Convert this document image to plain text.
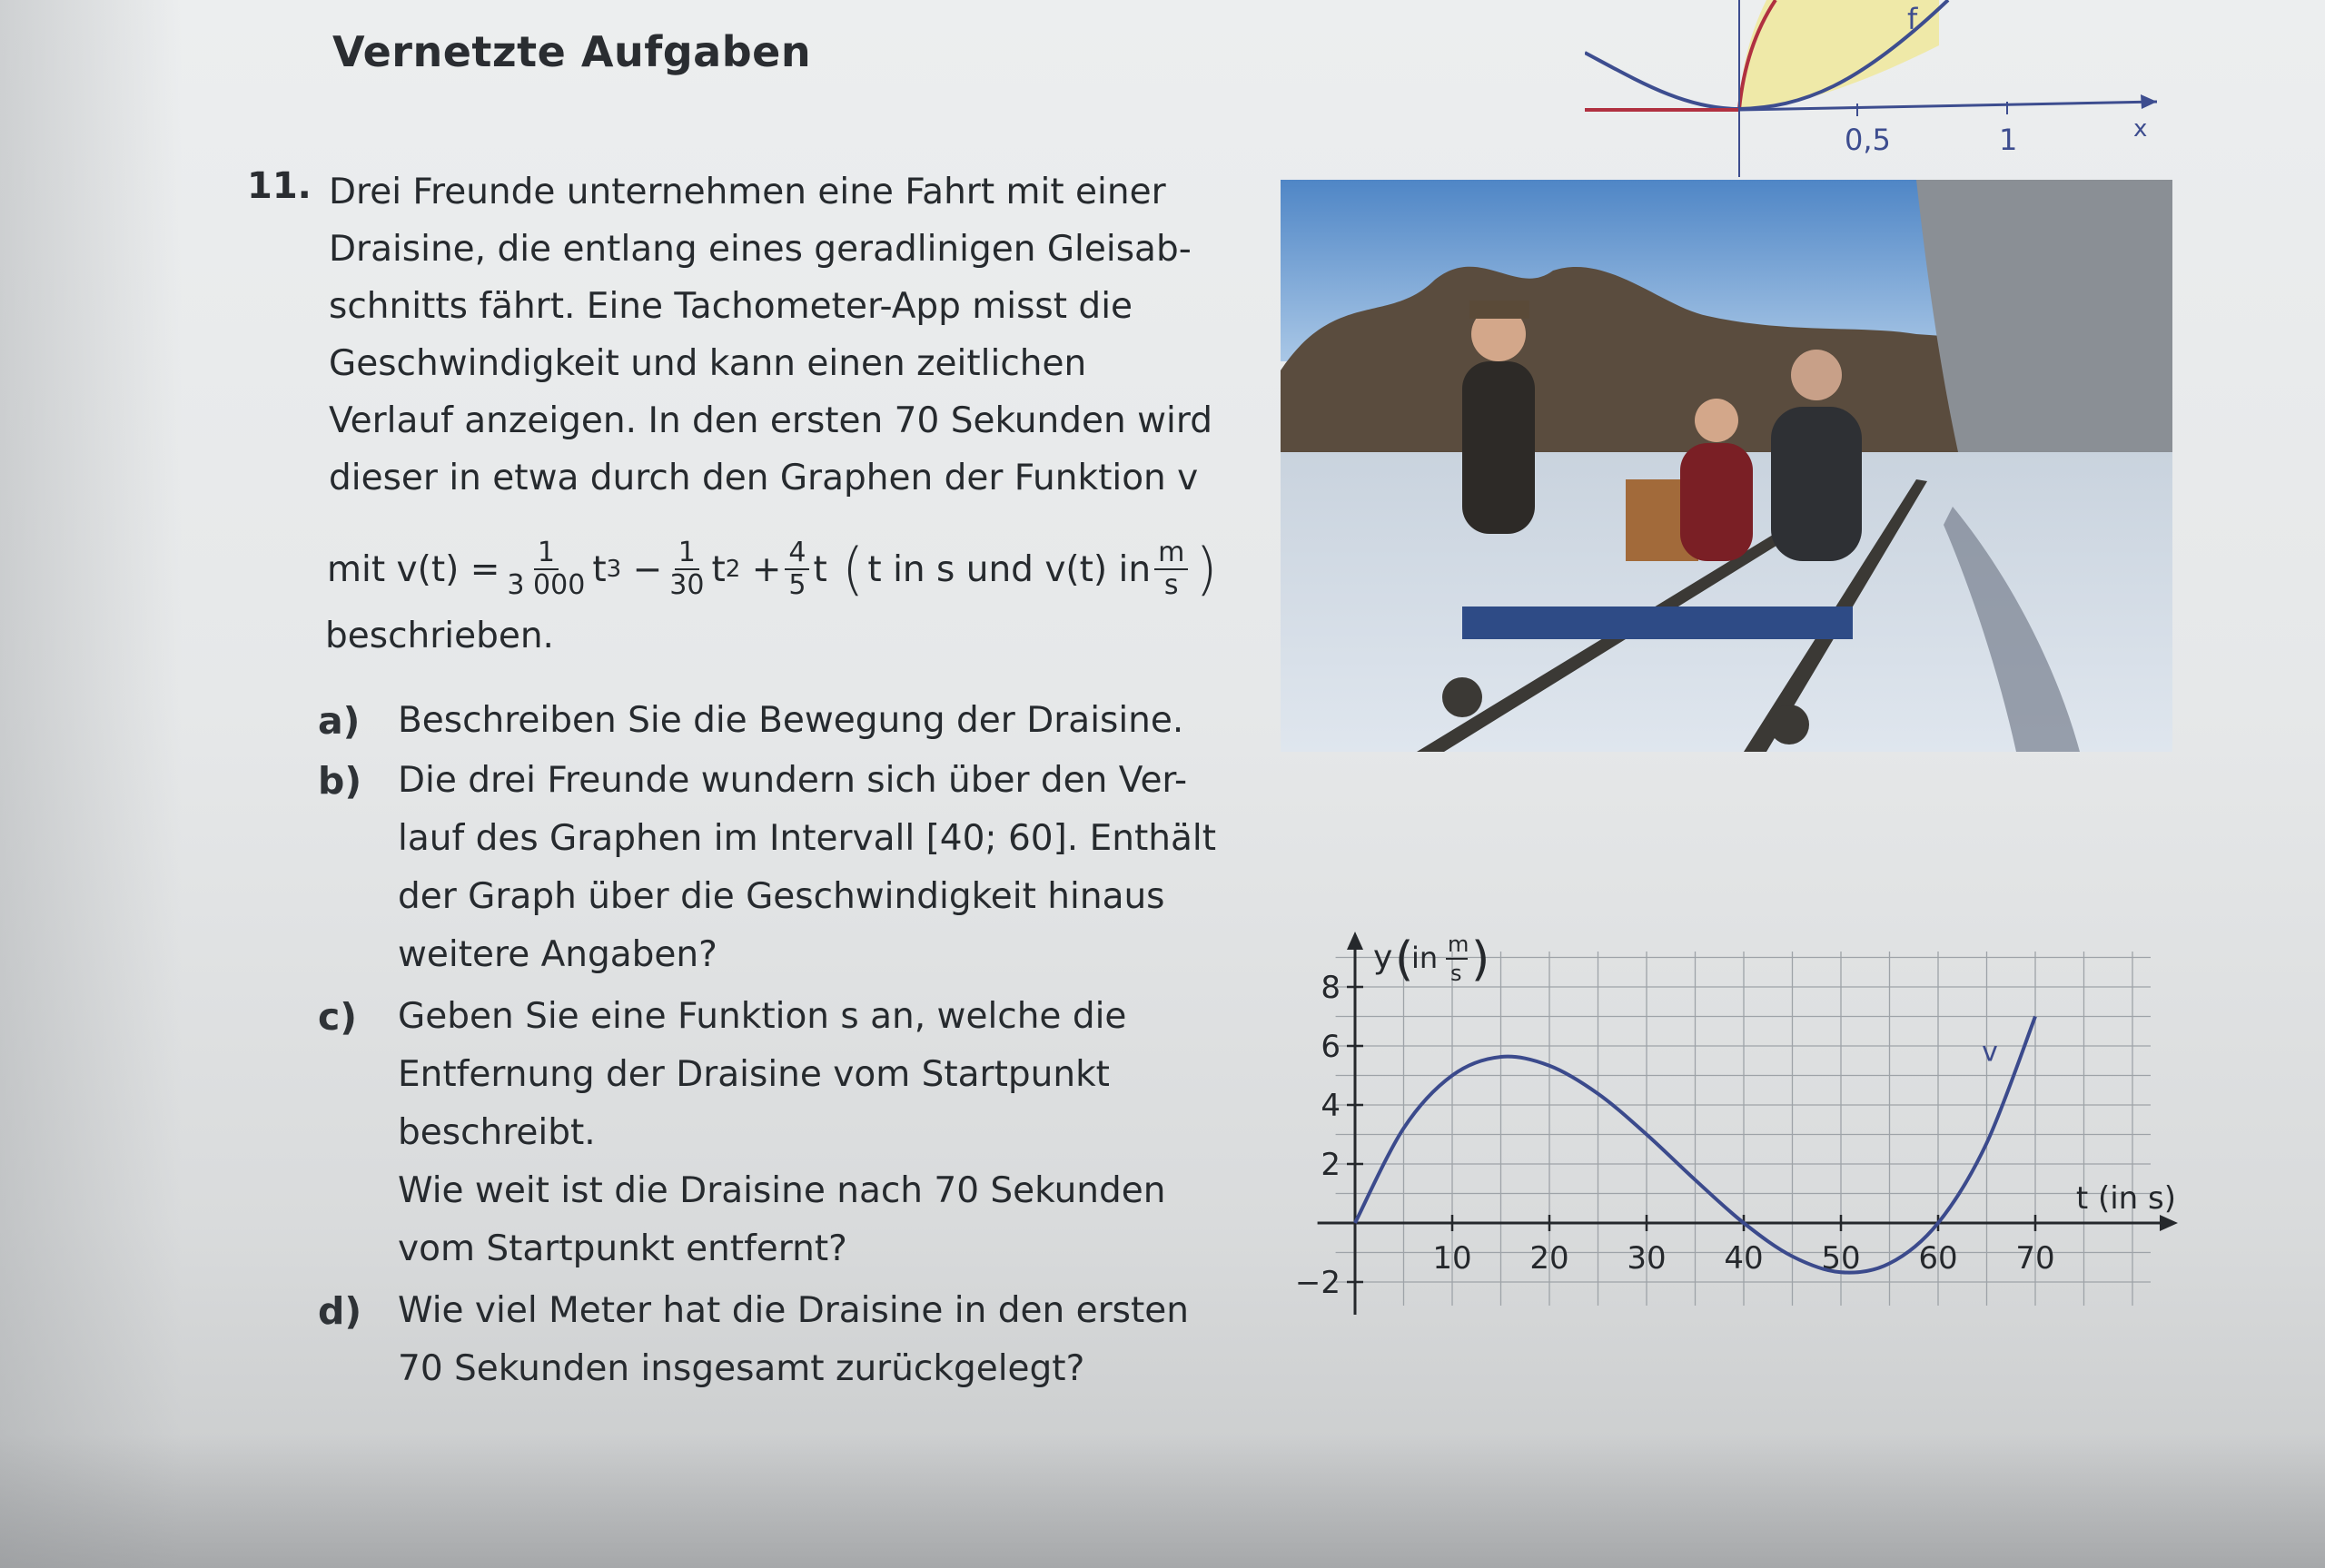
Vernetzte Aufgaben
f
0,5	1	x
11. Drei Freunde unternehmen eine Fahrt mit einer

Draisine, die entlang eines geradlinigen Gleisab-

schnitts fährt. Eine Tachometer-App misst die

Geschwindigkeit und kann einen zeitlichen

Verlauf anzeigen. In den ersten 70 Sekunden wird

dieser in etwa durch den Graphen der Funktion v

mit
$v(t) = \frac{1}{3 000}$ t 3
− $\frac{1}{30}$ t 2
+ $\frac{4}{5}$ t
( t in s und v(t) in $\frac{m}{s}$ )
beschrieben.
a) Beschreiben Sie die Bewegung der Draisine.

b) Die drei Freunde wundern sich über den Ver-

lauf des Graphen im Intervall [40; 60]. Enthält

der Graph über die Geschwindigkeit hinaus

weitere Angaben?

c) Geben Sie eine Funktion s an, welche die

Entfernung der Draisine vom Startpunkt

beschreibt.

Wie weit ist die Draisine nach 70 Sekunden

vom Startpunkt entfernt?

d) Wie viel Meter hat die Draisine in den ersten

70 Sekunden insgesamt zurückgelegt?

10 20 30 40 50 60 70
−2
2
4
6
8
v
t (in s)
y (
in m
s )
